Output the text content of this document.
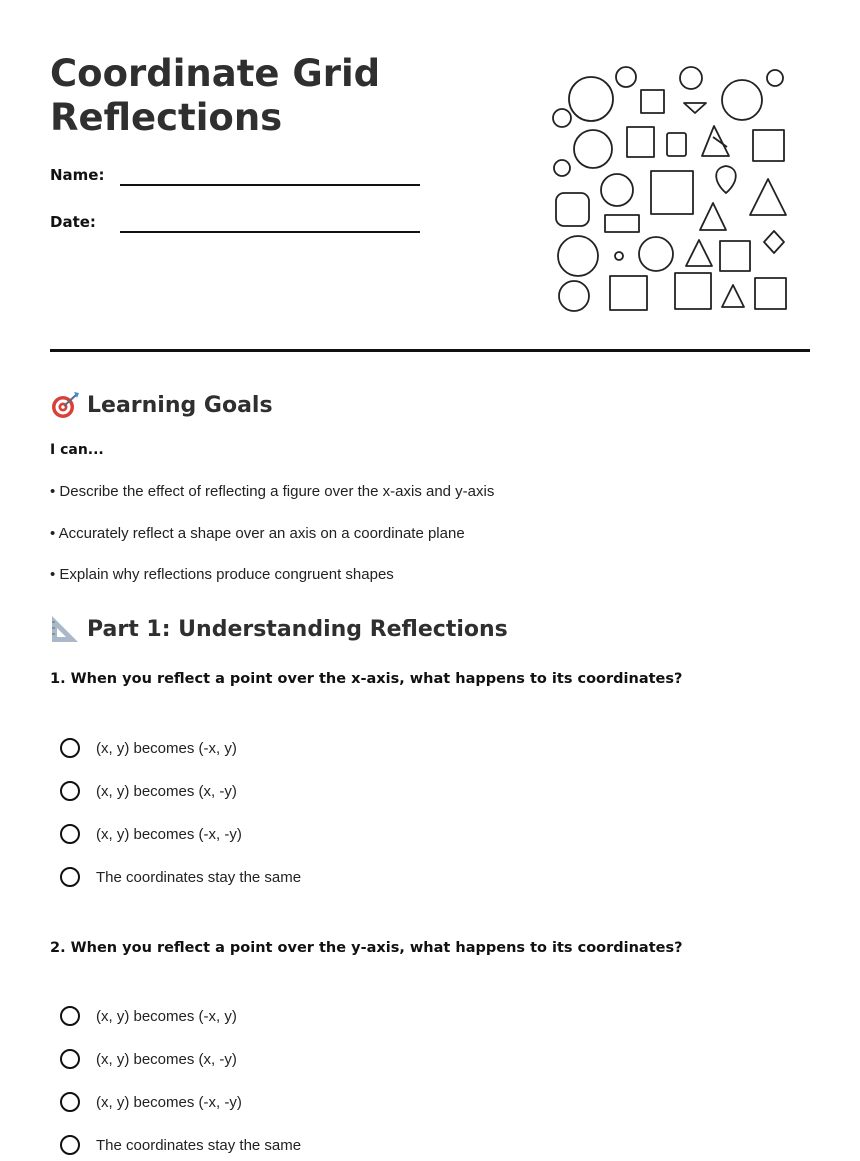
Coordinate Grid
Reflections
Name:
Date:
Learning Goals
I can...
• Describe the effect of reflecting a figure over the x-axis and y-axis
• Accurately reflect a shape over an axis on a coordinate plane
• Explain why reflections produce congruent shapes
Part 1: Understanding Reflections
1. When you reflect a point over the x-axis, what happens to its coordinates?
(x, y) becomes (-x, y)
(x, y) becomes (x, -y)
(x, y) becomes (-x, -y)
The coordinates stay the same
2. When you reflect a point over the y-axis, what happens to its coordinates?
(x, y) becomes (-x, y)
(x, y) becomes (x, -y)
(x, y) becomes (-x, -y)
The coordinates stay the same
